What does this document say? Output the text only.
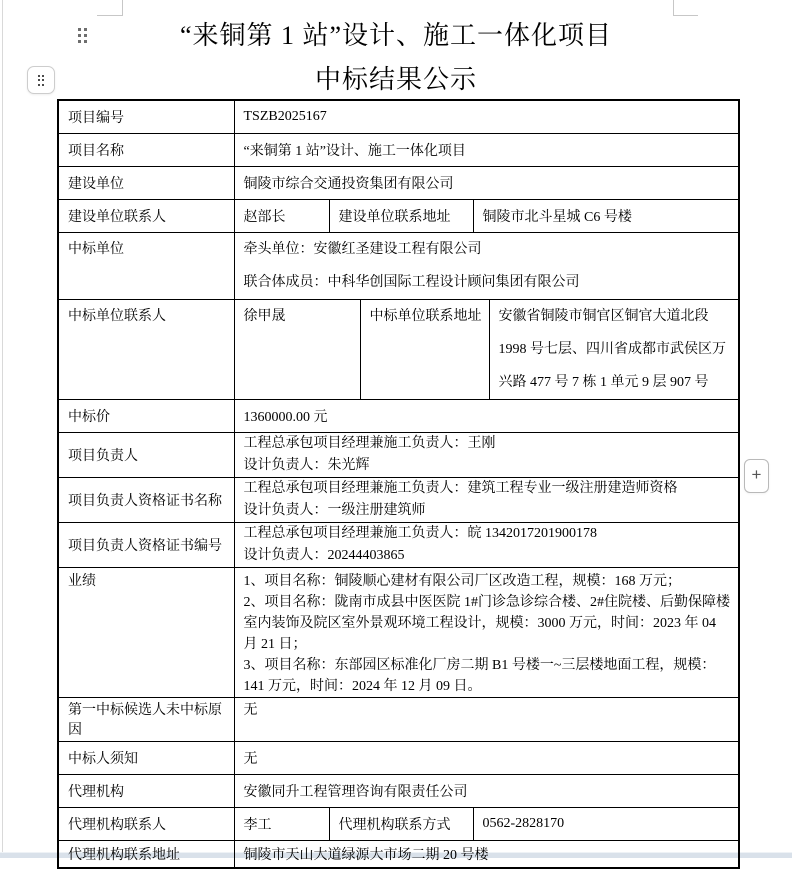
“来铜第 1 站”设计、施工一体化项目
中标结果公示
+
项目编号	TSZB2025167				
项目名称	“来铜第 1 站”设计、施工一体化项目				
建设单位	铜陵市综合交通投资集团有限公司				
建设单位联系人	赵部长	建设单位联系地址		铜陵市北斗星城 C6 号楼	
中标单位	牵头单位：安徽红圣建设工程有限公司
联合体成员：中科华创国际工程设计顾问集团有限公司				

中标单位联系人	徐甲晟		中标单位联系地址		安徽省铜陵市铜官区铜官大道北段 1998 号七层、四川省成都市武侯区万兴路 477 号 7 栋 1 单元 9 层 907 号
中标价	1360000.00 元				
项目负责人	工程总承包项目经理兼施工负责人：王刚
设计负责人：朱光辉				

项目负责人资格证书名称	工程总承包项目经理兼施工负责人：建筑工程专业一级注册建造师资格
设计负责人：一级注册建筑师				

项目负责人资格证书编号	工程总承包项目经理兼施工负责人：皖 1342017201900178
设计负责人：20244403865				

业绩	1、项目名称：铜陵顺心建材有限公司厂区改造工程，规模：168 万元；
2、项目名称：陇南市成县中医医院 1#门诊急诊综合楼、2#住院楼、后勤保障楼室内装饰及院区室外景观环境工程设计，规模：3000 万元，时间：2023 年 04 月 21 日；
3、项目名称：东部园区标准化厂房二期 B1 号楼一~三层楼地面工程，规模：141 万元，时间：2024 年 12 月 09 日。				

第一中标候选人未中标原因	无				
中标人须知	无				
代理机构	安徽同升工程管理咨询有限责任公司				
代理机构联系人	李工	代理机构联系方式		0562-2828170	
代理机构联系地址	铜陵市天山大道绿源大市场二期 20 号楼				
